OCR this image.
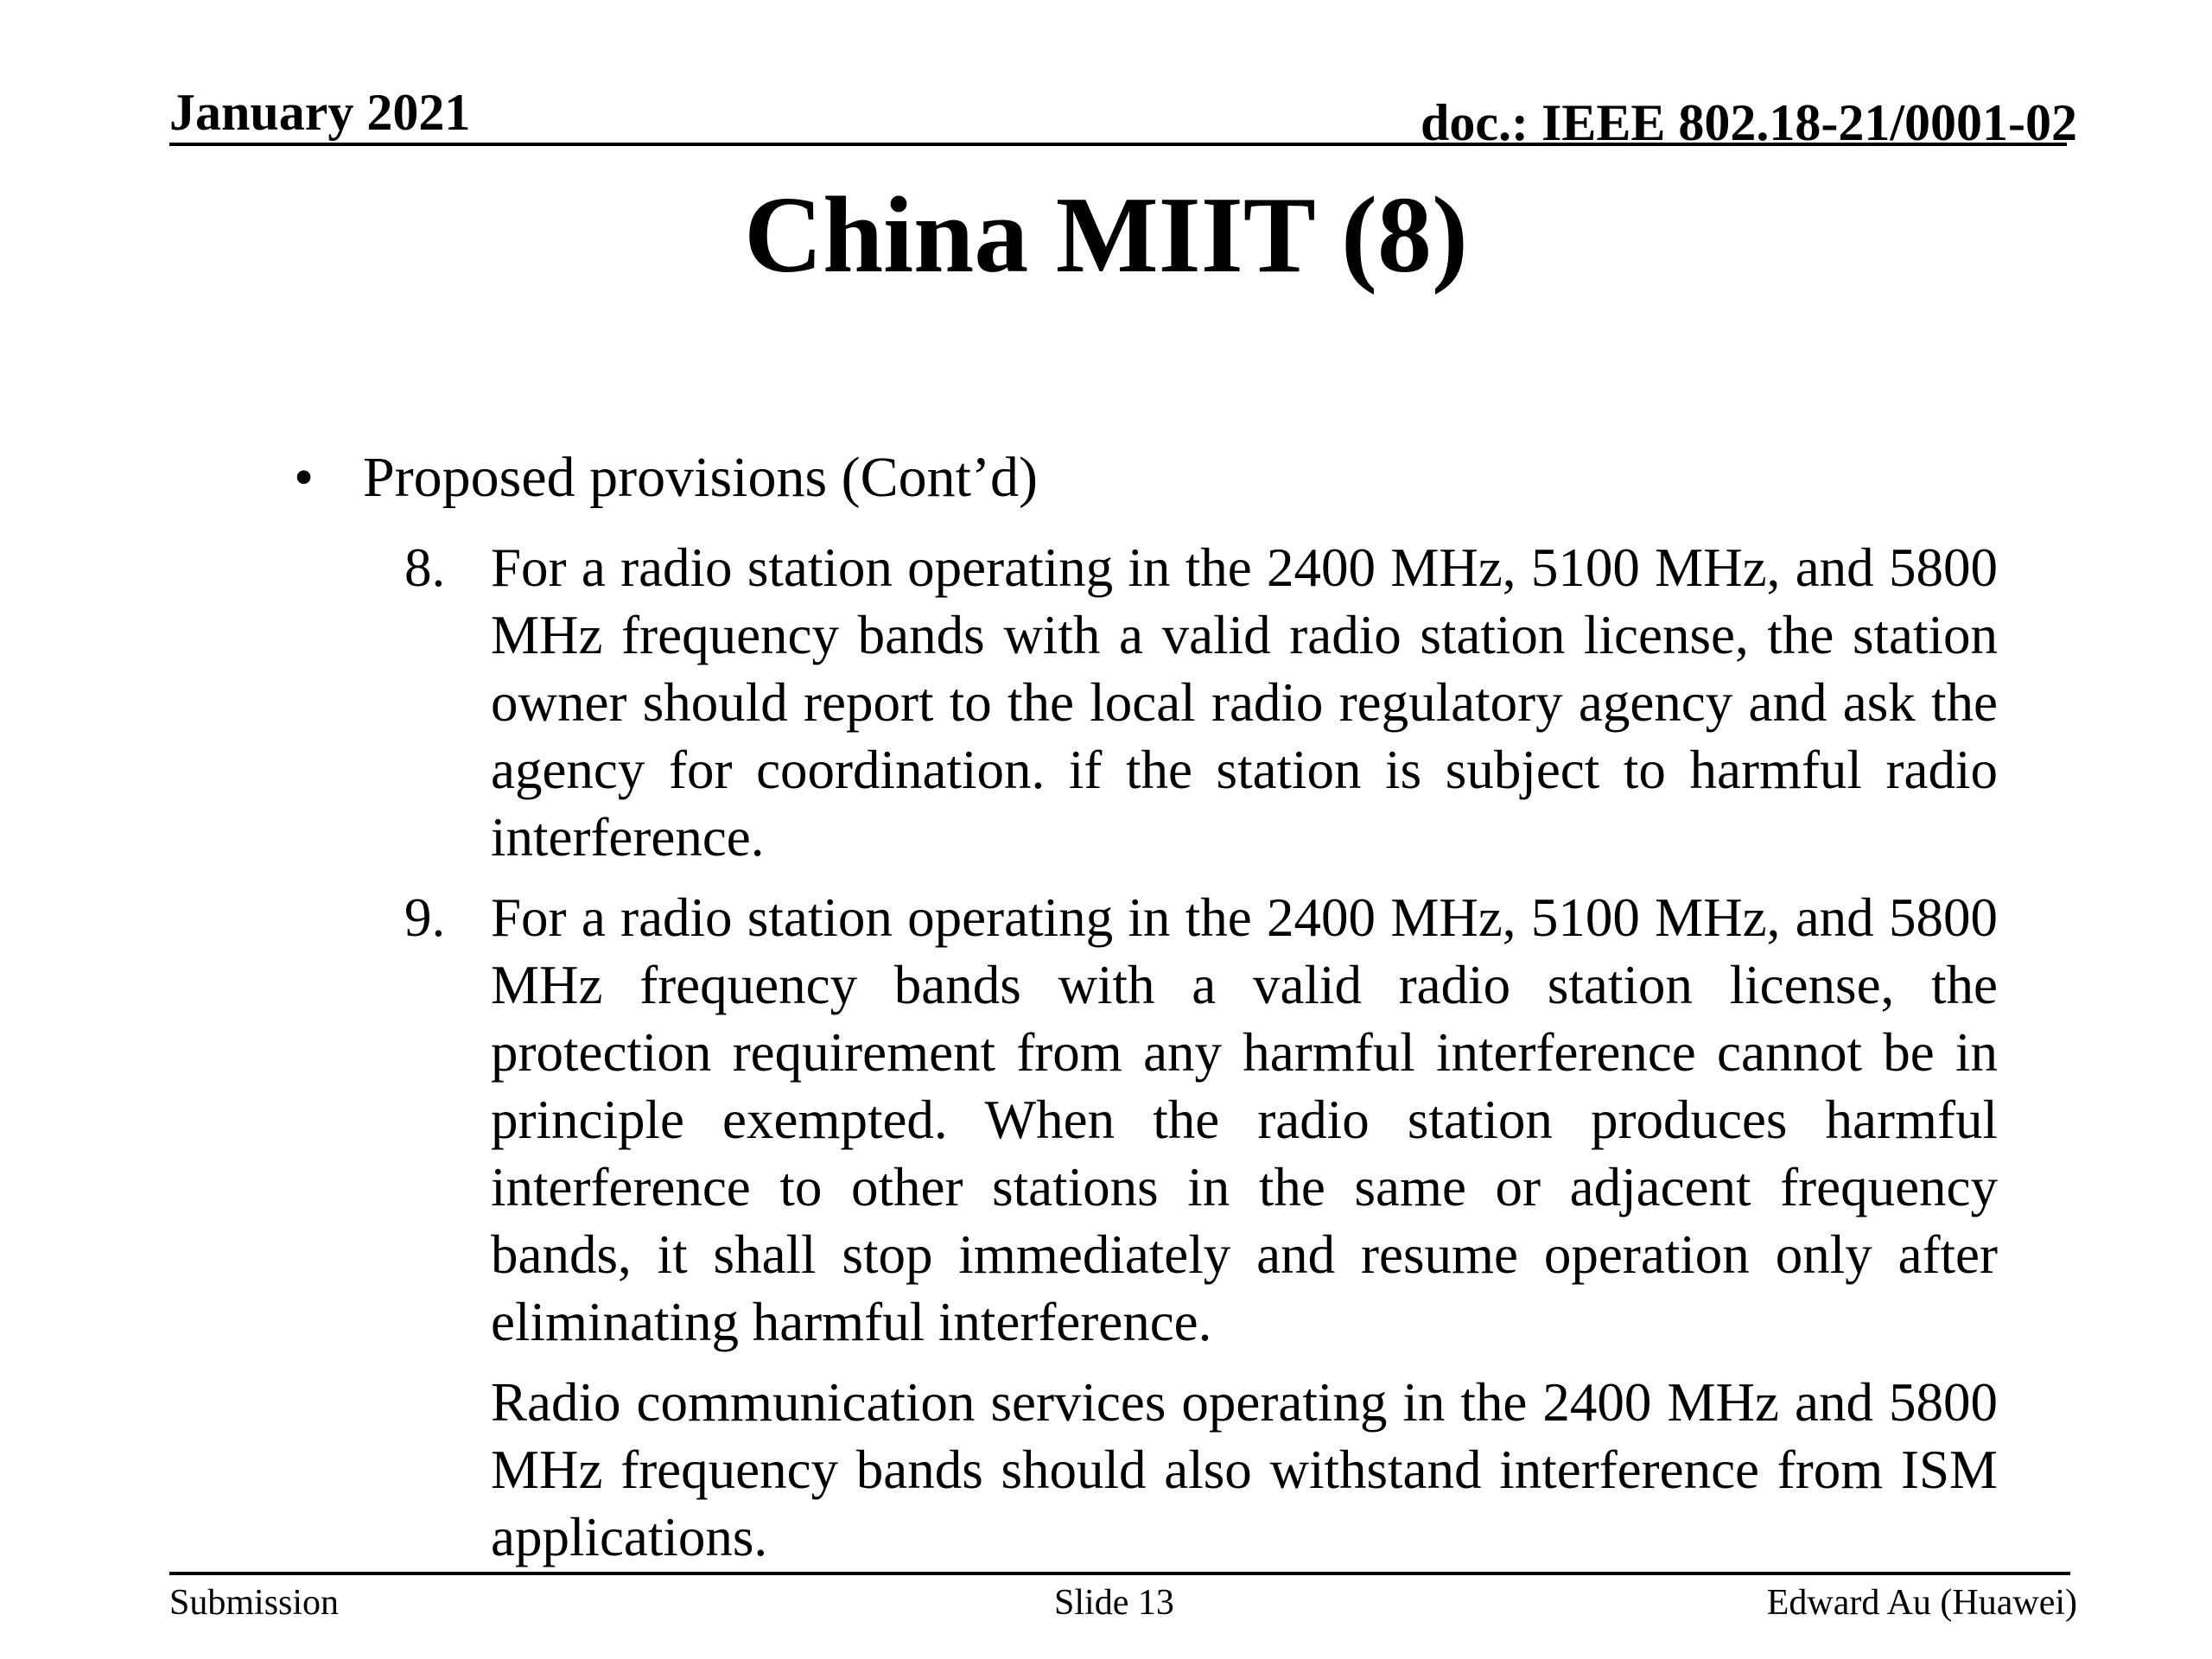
January 2021	doc.: IEEE 802.18-21/0001-02
China MIIT (8)
• Proposed provisions (Cont’d)
8. For a radio station operating in the 2400 MHz, 5100 MHz, and 5800 MHz frequency bands with a valid radio station license, the station owner should report to the local radio regulatory agency and ask the agency for coordination. if the station is subject to harmful radio interference.
9. For a radio station operating in the 2400 MHz, 5100 MHz, and 5800 MHz frequency bands with a valid radio station license, the protection requirement from any harmful interference cannot be in principle exempted. When the radio station produces harmful interference to other stations in the same or adjacent frequency bands, it shall stop immediately and resume operation only after eliminating harmful interference.
Radio communication services operating in the 2400 MHz and 5800 MHz frequency bands should also withstand interference from ISM applications.
Submission	Slide 13	Edward Au (Huawei)
